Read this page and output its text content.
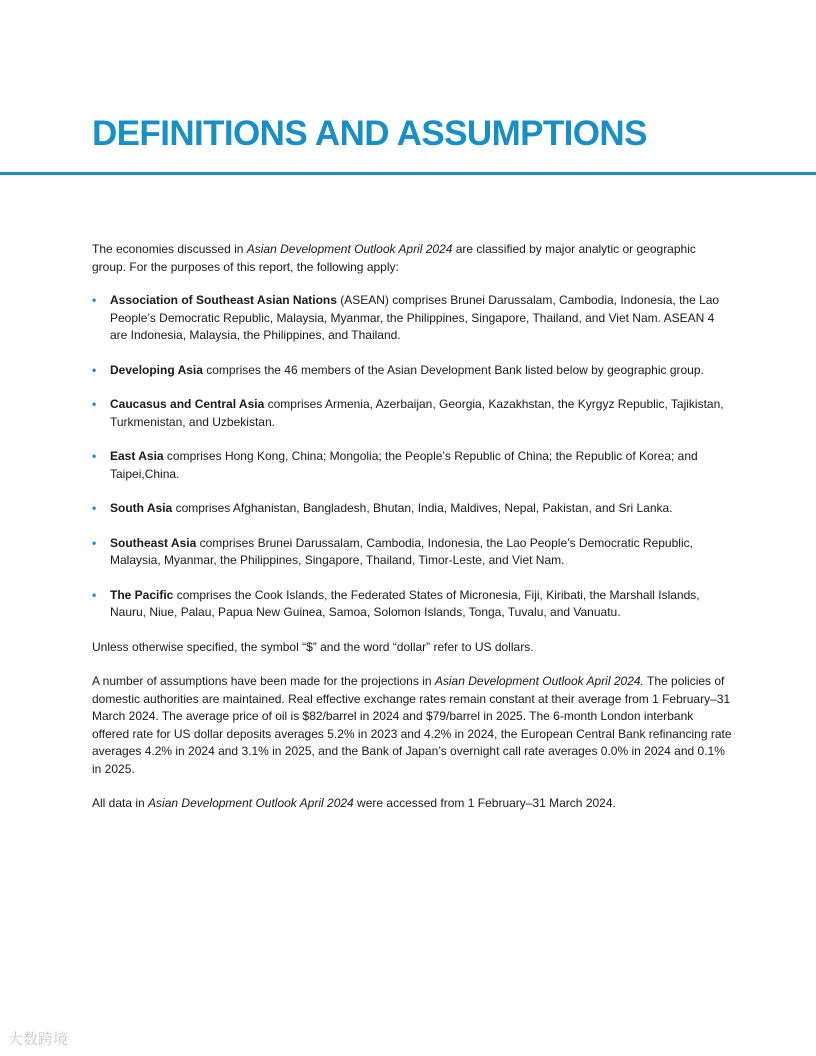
DEFINITIONS AND ASSUMPTIONS

The economies discussed in Asian Development Outlook April 2024 are classified by major analytic or geographic group. For the purposes of this report, the following apply:

• Association of Southeast Asian Nations (ASEAN) comprises Brunei Darussalam, Cambodia, Indonesia, the Lao People’s Democratic Republic, Malaysia, Myanmar, the Philippines, Singapore, Thailand, and Viet Nam. ASEAN 4 are Indonesia, Malaysia, the Philippines, and Thailand.
• Developing Asia comprises the 46 members of the Asian Development Bank listed below by geographic group.
• Caucasus and Central Asia comprises Armenia, Azerbaijan, Georgia, Kazakhstan, the Kyrgyz Republic, Tajikistan, Turkmenistan, and Uzbekistan.
• East Asia comprises Hong Kong, China; Mongolia; the People’s Republic of China; the Republic of Korea; and Taipei,China.
• South Asia comprises Afghanistan, Bangladesh, Bhutan, India, Maldives, Nepal, Pakistan, and Sri Lanka.
• Southeast Asia comprises Brunei Darussalam, Cambodia, Indonesia, the Lao People’s Democratic Republic, Malaysia, Myanmar, the Philippines, Singapore, Thailand, Timor-Leste, and Viet Nam.
• The Pacific comprises the Cook Islands, the Federated States of Micronesia, Fiji, Kiribati, the Marshall Islands, Nauru, Niue, Palau, Papua New Guinea, Samoa, Solomon Islands, Tonga, Tuvalu, and Vanuatu.

Unless otherwise specified, the symbol “$” and the word “dollar” refer to US dollars.

A number of assumptions have been made for the projections in Asian Development Outlook April 2024. The policies of domestic authorities are maintained. Real effective exchange rates remain constant at their average from 1 February–31 March 2024. The average price of oil is $82/barrel in 2024 and $79/barrel in 2025. The 6-month London interbank offered rate for US dollar deposits averages 5.2% in 2023 and 4.2% in 2024, the European Central Bank refinancing rate averages 4.2% in 2024 and 3.1% in 2025, and the Bank of Japan’s overnight call rate averages 0.0% in 2024 and 0.1% in 2025.

All data in Asian Development Outlook April 2024 were accessed from 1 February–31 March 2024.

大数跨境
